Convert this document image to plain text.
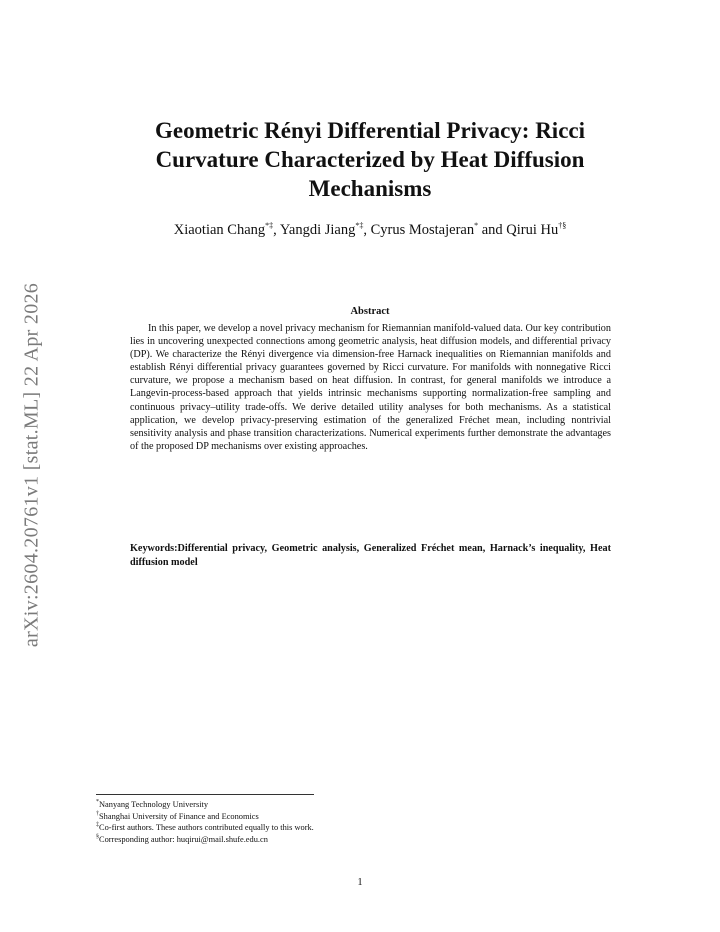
arXiv:2604.20761v1 [stat.ML] 22 Apr 2026
Geometric Rényi Differential Privacy: Ricci
Curvature Characterized by Heat Diffusion
Mechanisms
Xiaotian Chang*‡, Yangdi Jiang*‡, Cyrus Mostajeran* and Qirui Hu†§
Abstract

In this paper, we develop a novel privacy mechanism for Riemannian manifold-valued data. Our key contribution lies in uncovering unexpected connections among geometric analysis, heat diffusion models, and differential privacy (DP). We characterize the Rényi divergence via dimension-free Harnack inequalities on Riemannian manifolds and establish Rényi differential privacy guarantees governed by Ricci curvature. For manifolds with nonnegative Ricci curvature, we propose a mechanism based on heat diffusion. In contrast, for general manifolds we introduce a Langevin-process-based approach that yields intrinsic mechanisms supporting normalization-free sampling and continuous privacy–utility trade-offs. We derive detailed utility analyses for both mechanisms. As a statistical application, we develop privacy-preserving estimation of the generalized Fréchet mean, including nontrivial sensitivity analysis and phase transition characterizations. Numerical experiments further demonstrate the advantages of the proposed DP mechanisms over existing approaches.

Keywords:Differential privacy, Geometric analysis, Generalized Fréchet mean, Harnack’s inequality, Heat diffusion model
*Nanyang Technology University
†Shanghai University of Finance and Economics
‡Co-first authors. These authors contributed equally to this work.
§Corresponding author: huqirui@mail.shufe.edu.cn
1
